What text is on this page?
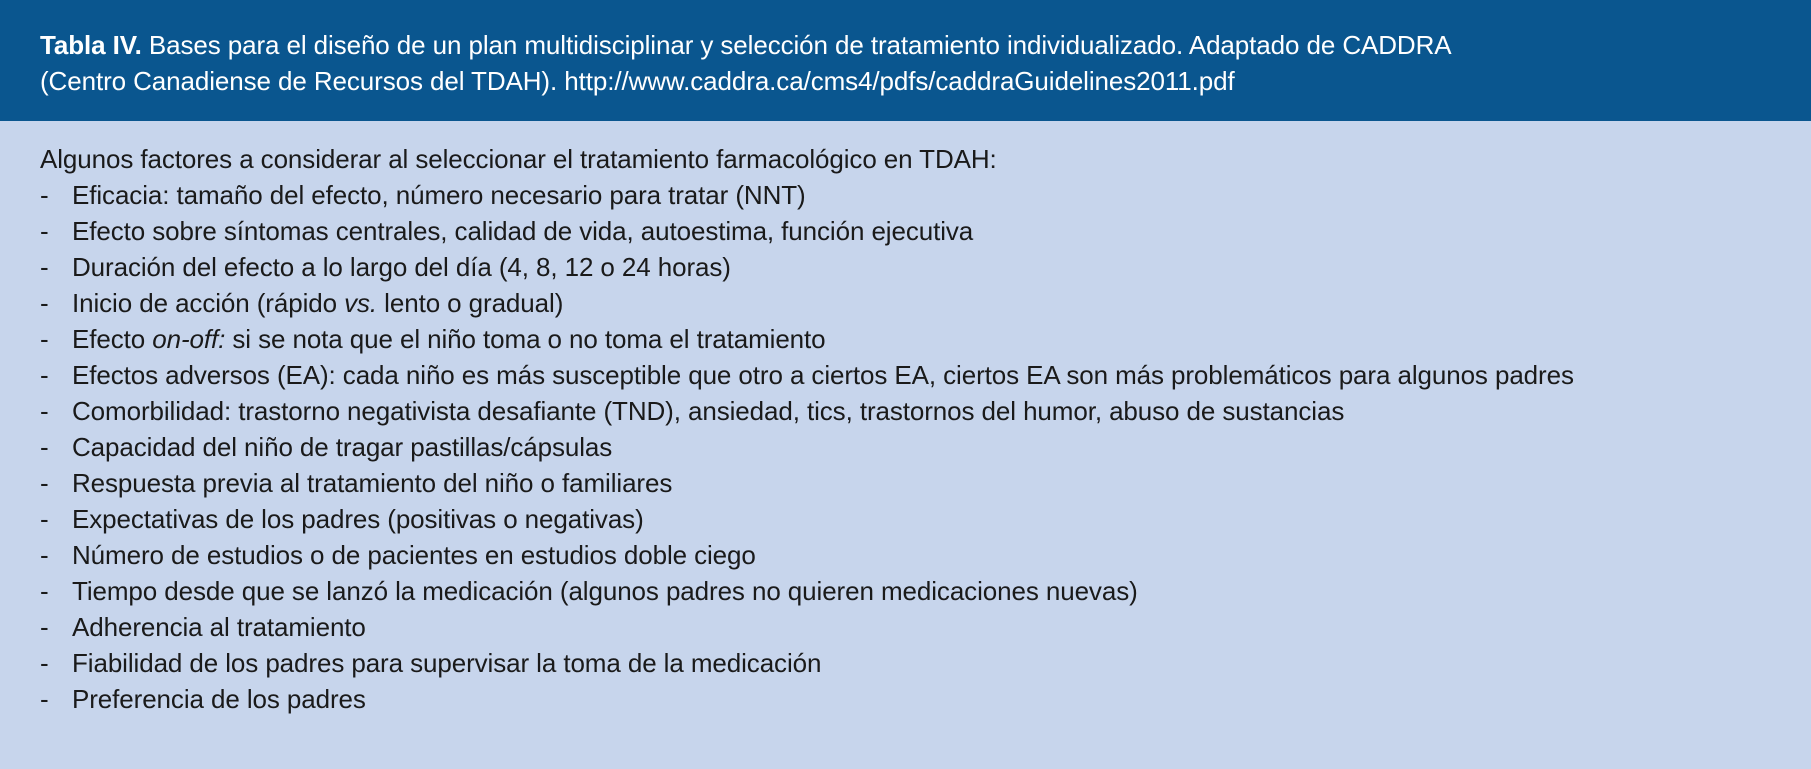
Tabla IV. Bases para el diseño de un plan multidisciplinar y selección de tratamiento individualizado. Adaptado de CADDRA
(Centro Canadiense de Recursos del TDAH). http://www.caddra.ca/cms4/pdfs/caddraGuidelines2011.pdf
Algunos factores a considerar al seleccionar el tratamiento farmacológico en TDAH:
- Eficacia: tamaño del efecto, número necesario para tratar (NNT)
- Efecto sobre síntomas centrales, calidad de vida, autoestima, función ejecutiva
- Duración del efecto a lo largo del día (4, 8, 12 o 24 horas)
- Inicio de acción (rápido vs. lento o gradual)
- Efecto on-off: si se nota que el niño toma o no toma el tratamiento
- Efectos adversos (EA): cada niño es más susceptible que otro a ciertos EA, ciertos EA son más problemáticos para algunos padres
- Comorbilidad: trastorno negativista desafiante (TND), ansiedad, tics, trastornos del humor, abuso de sustancias
- Capacidad del niño de tragar pastillas/cápsulas
- Respuesta previa al tratamiento del niño o familiares
- Expectativas de los padres (positivas o negativas)
- Número de estudios o de pacientes en estudios doble ciego
- Tiempo desde que se lanzó la medicación (algunos padres no quieren medicaciones nuevas)
- Adherencia al tratamiento
- Fiabilidad de los padres para supervisar la toma de la medicación
- Preferencia de los padres
